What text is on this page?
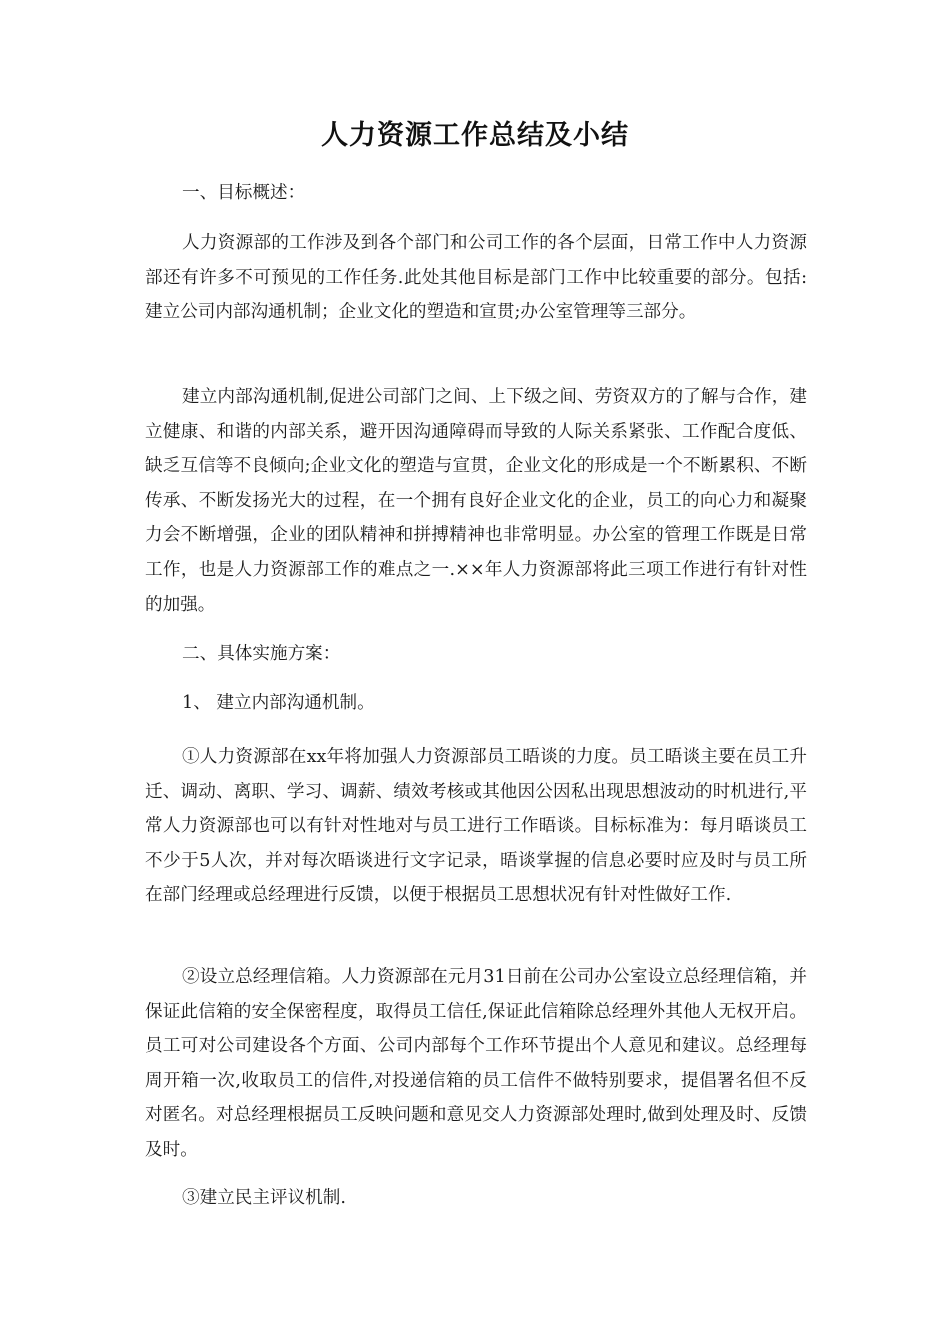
人力资源工作总结及小结

一、目标概述：

人力资源部的工作涉及到各个部门和公司工作的各个层面，日常工作中人力资源部还有许多不可预见的工作任务.此处其他目标是部门工作中比较重要的部分。包括:建立公司内部沟通机制；企业文化的塑造和宣贯;办公室管理等三部分。

建立内部沟通机制,促进公司部门之间、上下级之间、劳资双方的了解与合作，建立健康、和谐的内部关系，避开因沟通障碍而导致的人际关系紧张、工作配合度低、缺乏互信等不良倾向;企业文化的塑造与宣贯，企业文化的形成是一个不断累积、不断传承、不断发扬光大的过程，在一个拥有良好企业文化的企业，员工的向心力和凝聚力会不断增强，企业的团队精神和拼搏精神也非常明显。办公室的管理工作既是日常工作，也是人力资源部工作的难点之一.××年人力资源部将此三项工作进行有针对性的加强。

二、具体实施方案：

1、 建立内部沟通机制。

①人力资源部在xx年将加强人力资源部员工晤谈的力度。员工晤谈主要在员工升迁、调动、离职、学习、调薪、绩效考核或其他因公因私出现思想波动的时机进行,平常人力资源部也可以有针对性地对与员工进行工作晤谈。目标标准为：每月晤谈员工不少于5人次，并对每次晤谈进行文字记录，晤谈掌握的信息必要时应及时与员工所在部门经理或总经理进行反馈，以便于根据员工思想状况有针对性做好工作.

②设立总经理信箱。人力资源部在元月31日前在公司办公室设立总经理信箱，并保证此信箱的安全保密程度，取得员工信任,保证此信箱除总经理外其他人无权开启。员工可对公司建设各个方面、公司内部每个工作环节提出个人意见和建议。总经理每周开箱一次,收取员工的信件,对投递信箱的员工信件不做特别要求，提倡署名但不反对匿名。对总经理根据员工反映问题和意见交人力资源部处理时,做到处理及时、反馈及时。

③建立民主评议机制.
